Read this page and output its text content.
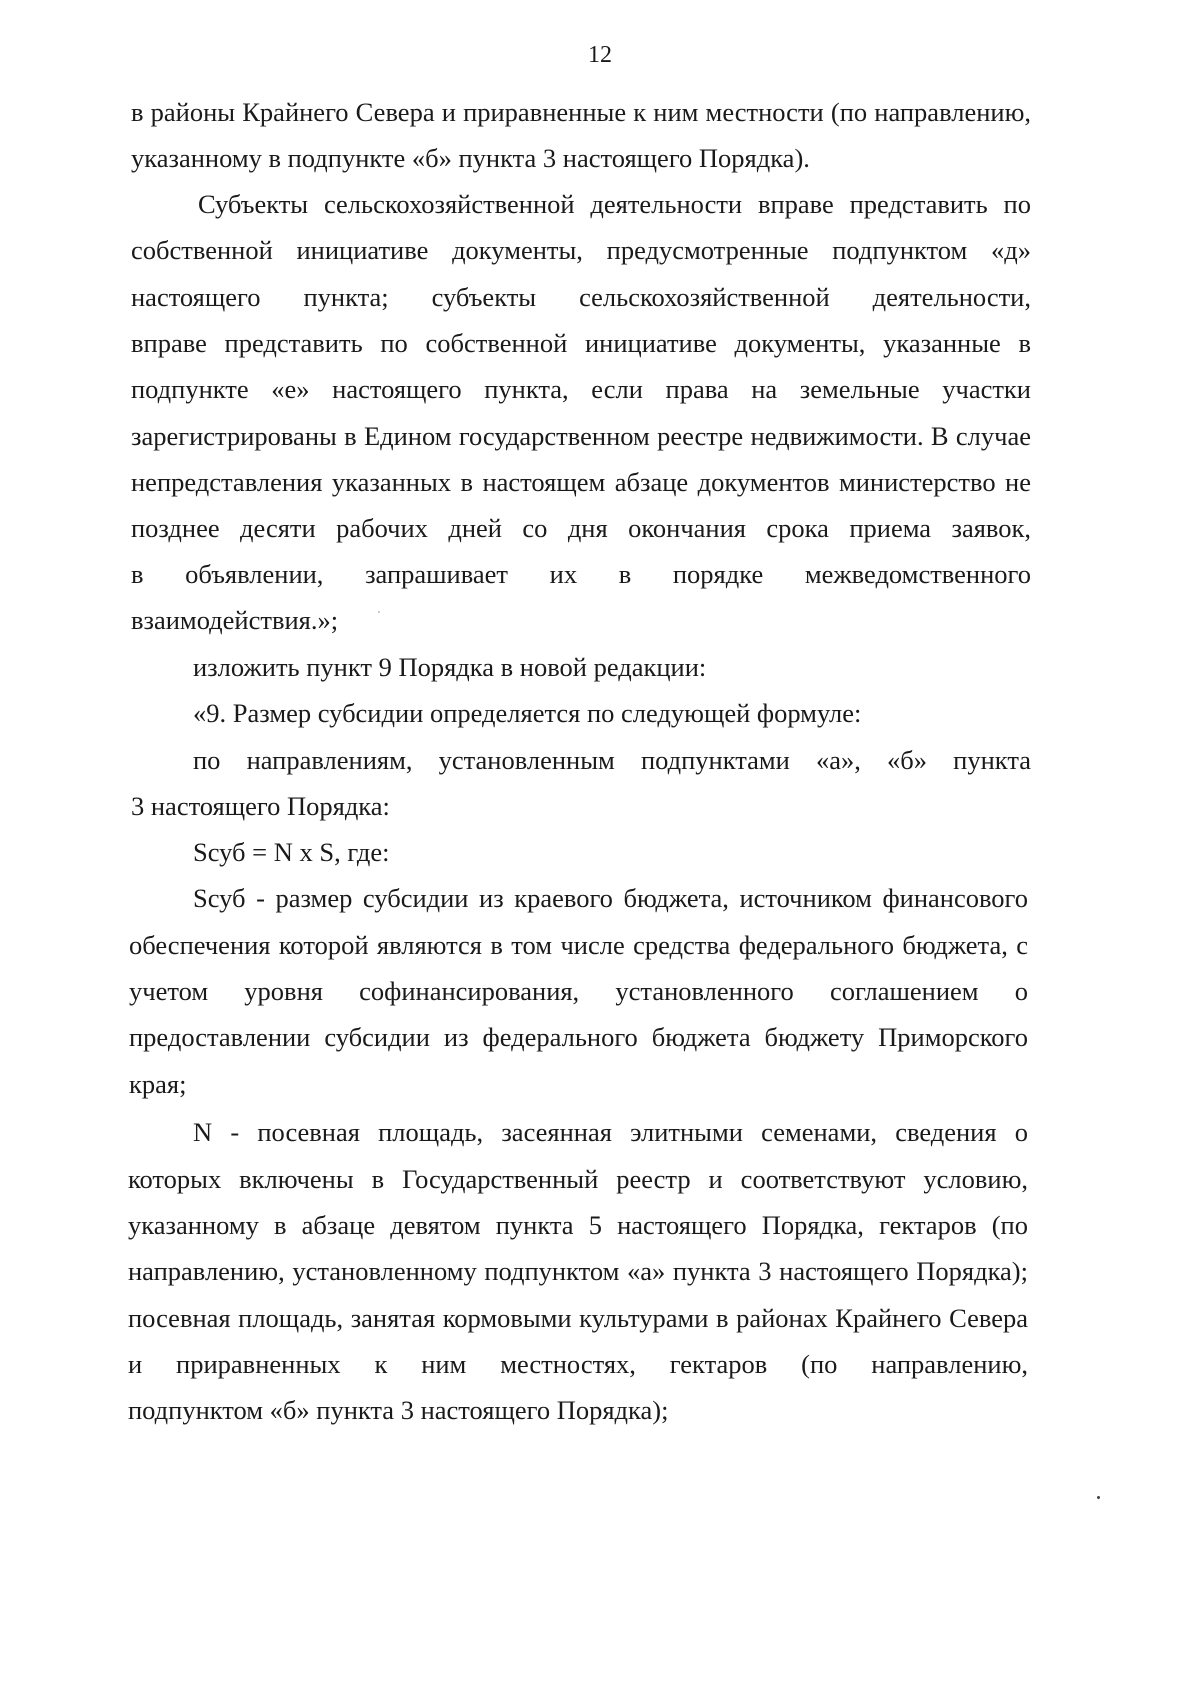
12
в районы Крайнего Севера и приравненные к ним местности (по направлению,
указанному в подпункте «б» пункта 3 настоящего Порядка).
Субъекты сельскохозяйственной деятельности вправе представить по
собственной инициативе документы, предусмотренные подпунктом «д»
настоящего пункта; субъекты сельскохозяйственной деятельности,
вправе представить по собственной инициативе документы, указанные в
подпункте «е» настоящего пункта, если права на земельные участки
зарегистрированы в Едином государственном реестре недвижимости. В случае
непредставления указанных в настоящем абзаце документов министерство не
позднее десяти рабочих дней со дня окончания срока приема заявок,
в объявлении, запрашивает их в порядке межведомственного
взаимодействия.»;
изложить пункт 9 Порядка в новой редакции:
«9. Размер субсидии определяется по следующей формуле:
по направлениям, установленным подпунктами «а», «б» пункта
3 настоящего Порядка:
Sсуб = N х S, где:
Sсуб - размер субсидии из краевого бюджета, источником финансового
обеспечения которой являются в том числе средства федерального бюджета, с
учетом уровня софинансирования, установленного соглашением о
предоставлении субсидии из федерального бюджета бюджету Приморского
края;
N - посевная площадь, засеянная элитными семенами, сведения о
которых включены в Государственный реестр и соответствуют условию,
указанному в абзаце девятом пункта 5 настоящего Порядка, гектаров (по
направлению, установленному подпунктом «а» пункта 3 настоящего Порядка);
посевная площадь, занятая кормовыми культурами в районах Крайнего Севера
и приравненных к ним местностях, гектаров (по направлению,
подпунктом «б» пункта 3 настоящего Порядка);
